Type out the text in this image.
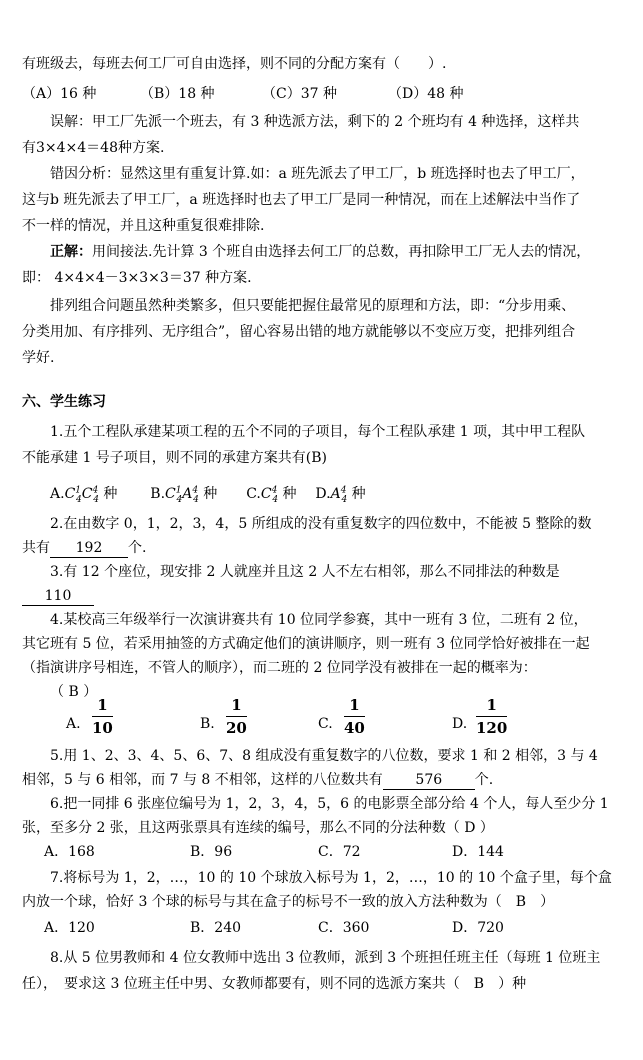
有班级去，每班去何工厂可自由选择，则不同的分配方案有（　　）.
（A）16 种	（B）18 种	（C）37 种	（D）48 种
误解：甲工厂先派一个班去，有 3 种选派方法，剩下的 2 个班均有 4 种选择，这样共
有3×4×4＝48种方案.
错因分析：显然这里有重复计算.如：a 班先派去了甲工厂，b 班选择时也去了甲工厂，
这与b 班先派去了甲工厂，a 班选择时也去了甲工厂是同一种情况，而在上述解法中当作了
不一样的情况，并且这种重复很难排除.
正解：用间接法.先计算 3 个班自由选择去何工厂的总数，再扣除甲工厂无人去的情况，
即： 4×4×4－3×3×3＝37 种方案.
排列组合问题虽然种类繁多，但只要能把握住最常见的原理和方法，即：“分步用乘、
分类用加、有序排列、无序组合”，留心容易出错的地方就能够以不变应万变，把排列组合
学好.
六、学生练习
1.五个工程队承建某项工程的五个不同的子项目，每个工程队承建 1 项，其中甲工程队
不能承建 1 号子项目，则不同的承建方案共有(B)
$A.C^1_4C^4_4$ 种 $B.C^1_4A^4_4$ 种 $C.C^4_4$ 种 $D.A^4_4$ 种
2.在由数字 0，1，2，3，4，5 所组成的没有重复数字的四位数中，不能被 5 整除的数
共有 192 个.
3.有 12 个座位，现安排 2 人就座并且这 2 人不左右相邻，那么不同排法的种数是
110
4.某校高三年级举行一次演讲赛共有 10 位同学参赛，其中一班有 3 位，二班有 2 位，
其它班有 5 位，若采用抽签的方式确定他们的演讲顺序，则一班有 3 位同学恰好被排在一起
（指演讲序号相连，不管人的顺序），而二班的 2 位同学没有被排在一起的概率为：
（ B ）
A.
1
10	B.
1
20	C.
1
40	D.
1
120
5.用 1、2、3、4、5、6、7、8 组成没有重复数字的八位数，要求 1 和 2 相邻，3 与 4
相邻，5 与 6 相邻，而 7 与 8 不相邻，这样的八位数共有 576 个.
6.把一同排 6 张座位编号为 1，2，3，4，5，6 的电影票全部分给 4 个人，每人至少分 1
张，至多分 2 张，且这两张票具有连续的编号，那么不同的分法种数（ D ）
A．168	B．96	C．72	D．144
7.将标号为 1，2，…，10 的 10 个球放入标号为 1，2，…，10 的 10 个盒子里，每个盒
内放一个球，恰好 3 个球的标号与其在盒子的标号不一致的放入方法种数为（　B　）
A．120	B．240	C．360	D．720
8.从 5 位男教师和 4 位女教师中选出 3 位教师，派到 3 个班担任班主任（每班 1 位班主
任），　要求这 3 位班主任中男、女教师都要有，则不同的选派方案共（　B　）种
